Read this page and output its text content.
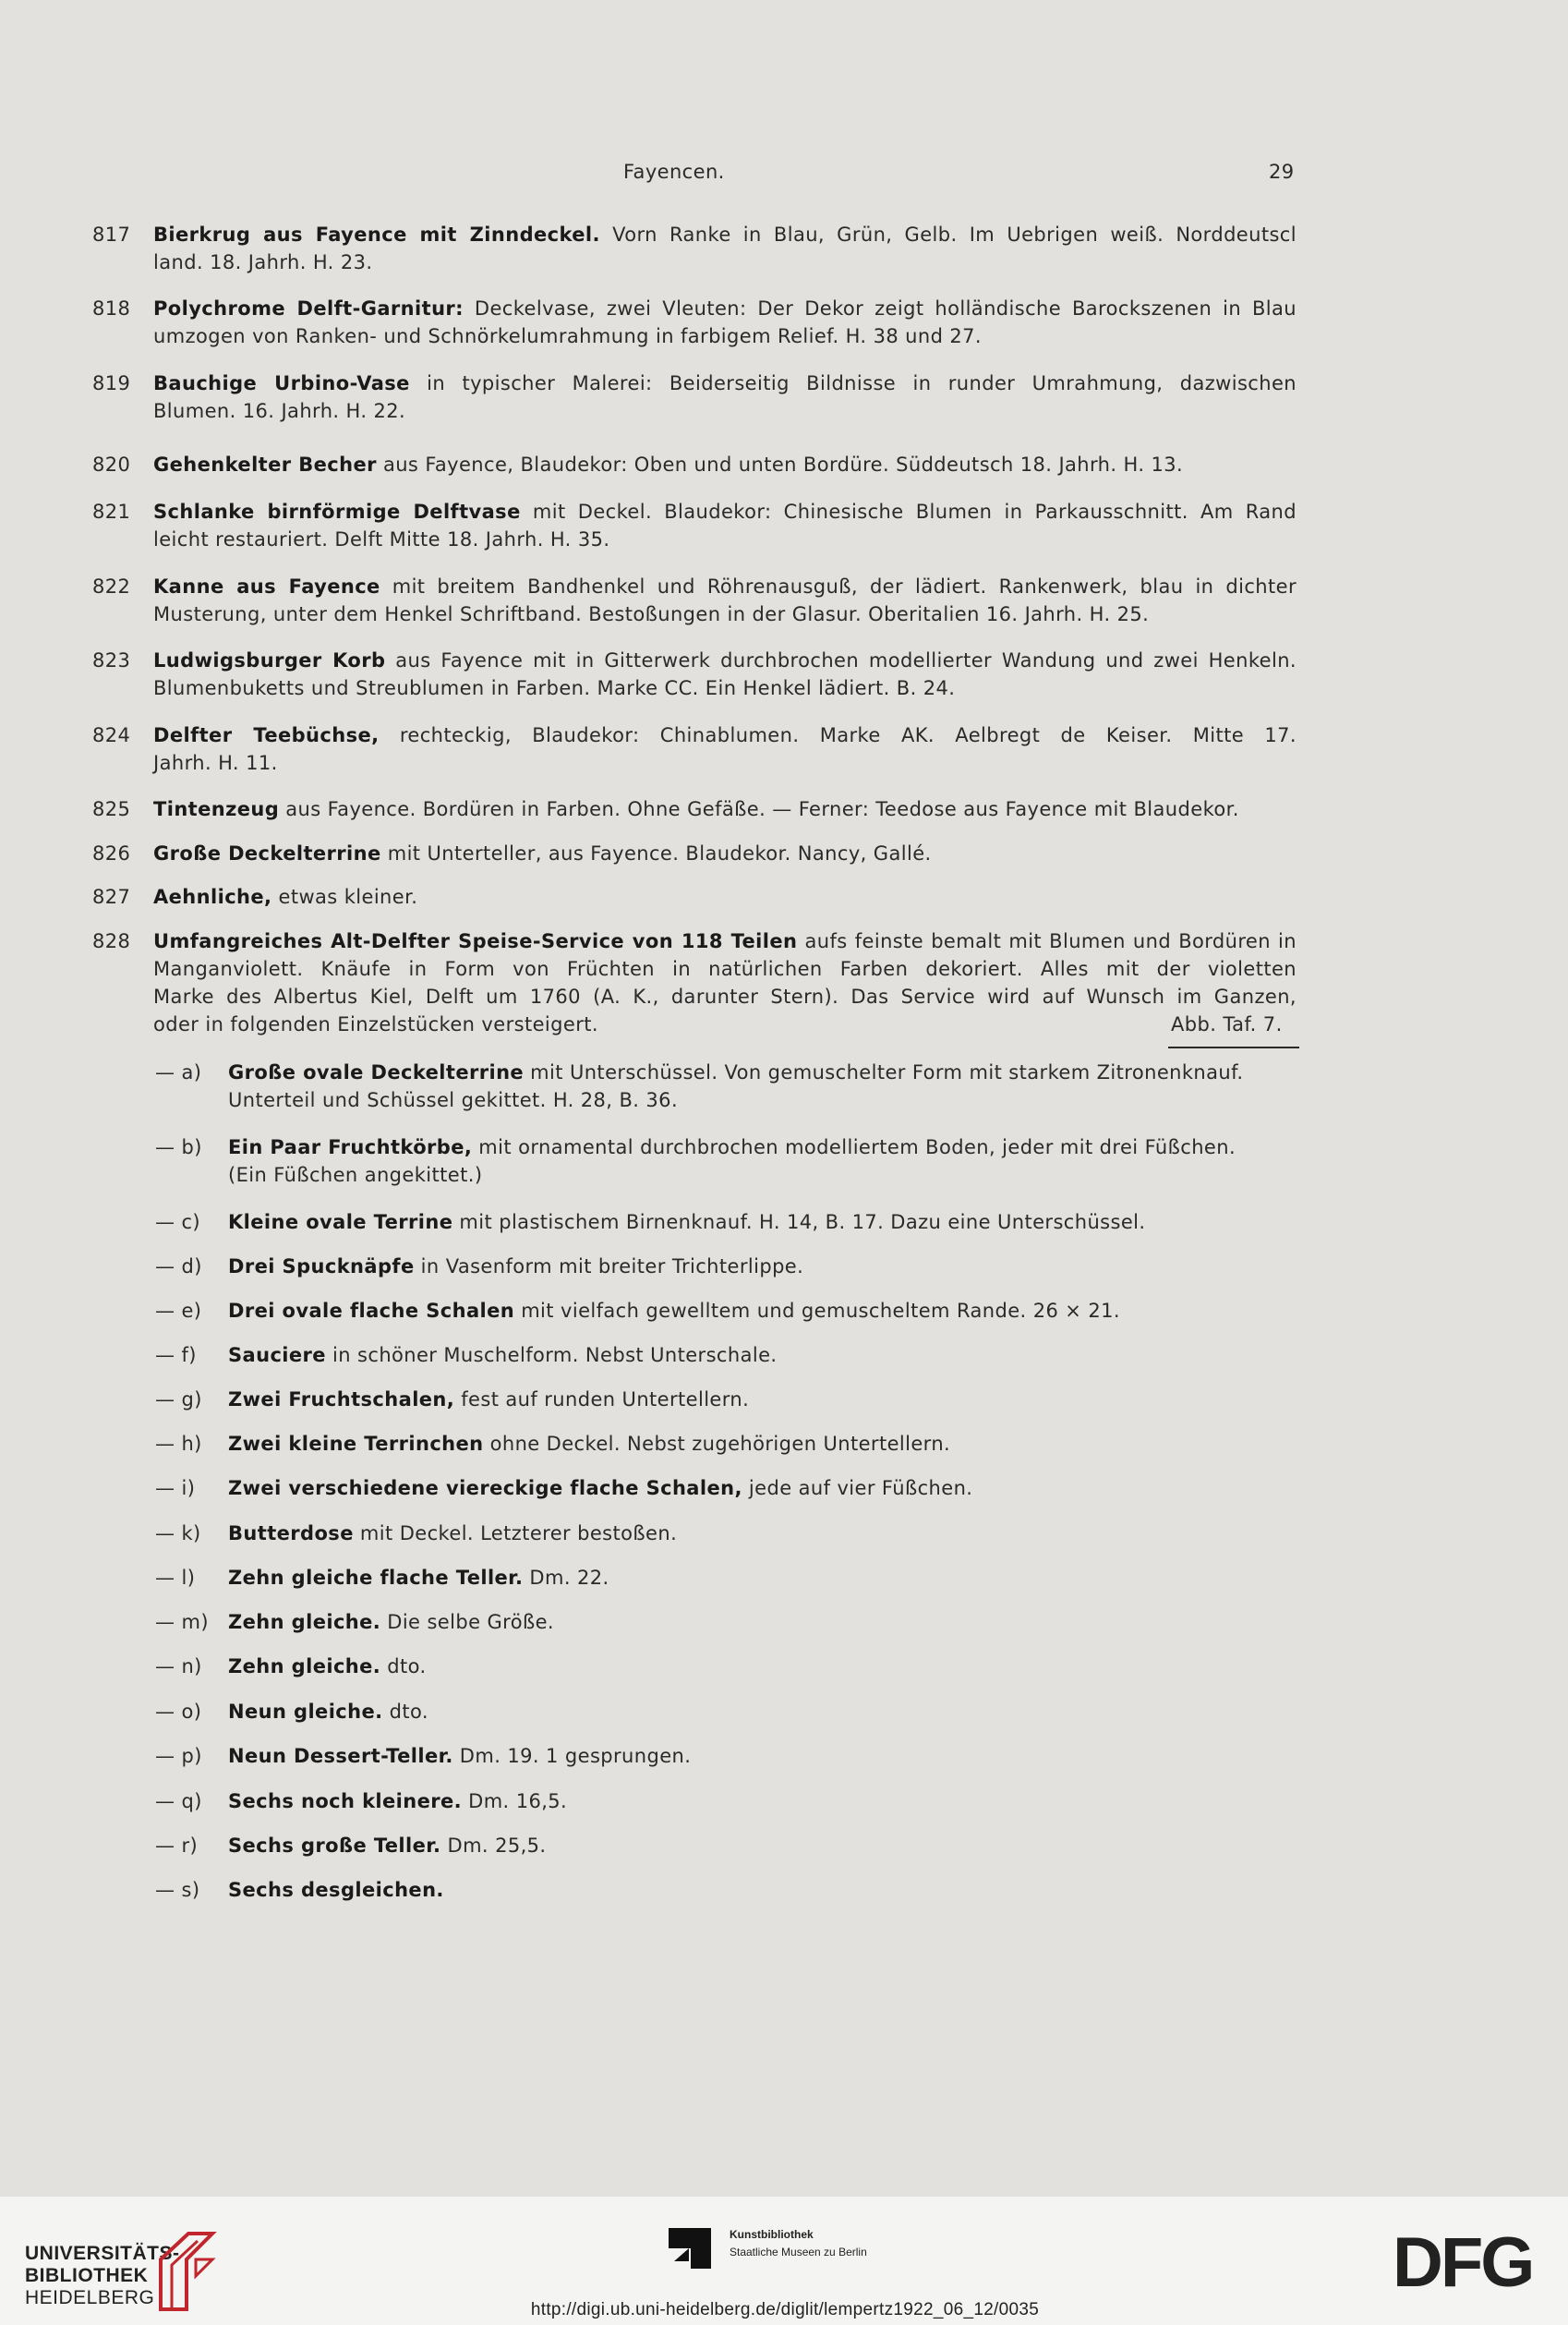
Fayencen.	29
817 Bierkrug aus Fayence mit Zinndeckel. Vorn Ranke in Blau, Grün, Gelb. Im Uebrigen weiß. Norddeutscl
land. 18. Jahrh. H. 23.
818 Polychrome Delft-Garnitur: Deckelvase, zwei Vleuten: Der Dekor zeigt holländische Barockszenen in Blau
umzogen von Ranken- und Schnörkelumrahmung in farbigem Relief. H. 38 und 27.
819 Bauchige Urbino-Vase in typischer Malerei: Beiderseitig Bildnisse in runder Umrahmung, dazwischen
Blumen. 16. Jahrh. H. 22.
820 Gehenkelter Becher aus Fayence, Blaudekor: Oben und unten Bordüre. Süddeutsch 18. Jahrh. H. 13.
821 Schlanke birnförmige Delftvase mit Deckel. Blaudekor: Chinesische Blumen in Parkausschnitt. Am Rand
leicht restauriert. Delft Mitte 18. Jahrh. H. 35.
822 Kanne aus Fayence mit breitem Bandhenkel und Röhrenausguß, der lädiert. Rankenwerk, blau in dichter
Musterung, unter dem Henkel Schriftband. Bestoßungen in der Glasur. Oberitalien 16. Jahrh. H. 25.
823 Ludwigsburger Korb aus Fayence mit in Gitterwerk durchbrochen modellierter Wandung und zwei Henkeln.
Blumenbuketts und Streublumen in Farben. Marke CC. Ein Henkel lädiert. B. 24.
824 Delfter Teebüchse, rechteckig, Blaudekor: Chinablumen. Marke AK. Aelbregt de Keiser. Mitte 17.
Jahrh. H. 11.
825 Tintenzeug aus Fayence. Bordüren in Farben. Ohne Gefäße. — Ferner: Teedose aus Fayence mit Blaudekor.
826 Große Deckelterrine mit Unterteller, aus Fayence. Blaudekor. Nancy, Gallé.
827 Aehnliche, etwas kleiner.
828 Umfangreiches Alt-Delfter Speise-Service von 118 Teilen aufs feinste bemalt mit Blumen und Bordüren in
Manganviolett. Knäufe in Form von Früchten in natürlichen Farben dekoriert. Alles mit der violetten
Marke des Albertus Kiel, Delft um 1760 (A. K., darunter Stern). Das Service wird auf Wunsch im Ganzen,
oder in folgenden Einzelstücken versteigert.	Abb. Taf. 7.
— a) Große ovale Deckelterrine mit Unterschüssel. Von gemuschelter Form mit starkem Zitronenknauf.
Unterteil und Schüssel gekittet. H. 28, B. 36.
— b) Ein Paar Fruchtkörbe, mit ornamental durchbrochen modelliertem Boden, jeder mit drei Füßchen.
(Ein Füßchen angekittet.)
— c) Kleine ovale Terrine mit plastischem Birnenknauf. H. 14, B. 17. Dazu eine Unterschüssel.
— d) Drei Spucknäpfe in Vasenform mit breiter Trichterlippe.
— e) Drei ovale flache Schalen mit vielfach gewelltem und gemuscheltem Rande. 26 × 21.
— f) Sauciere in schöner Muschelform. Nebst Unterschale.
— g) Zwei Fruchtschalen, fest auf runden Untertellern.
— h) Zwei kleine Terrinchen ohne Deckel. Nebst zugehörigen Untertellern.
— i) Zwei verschiedene viereckige flache Schalen, jede auf vier Füßchen.
— k) Butterdose mit Deckel. Letzterer bestoßen.
— l) Zehn gleiche flache Teller. Dm. 22.
— m) Zehn gleiche. Die selbe Größe.
— n) Zehn gleiche. dto.
— o) Neun gleiche. dto.
— p) Neun Dessert-Teller. Dm. 19. 1 gesprungen.
— q) Sechs noch kleinere. Dm. 16,5.
— r) Sechs große Teller. Dm. 25,5.
— s) Sechs desgleichen.
UNIVERSITÄTS-
BIBLIOTHEK
HEIDELBERG
Kunstbibliothek
Staatliche Museen zu Berlin
http://digi.ub.uni-heidelberg.de/diglit/lempertz1922_06_12/0035
DFG
